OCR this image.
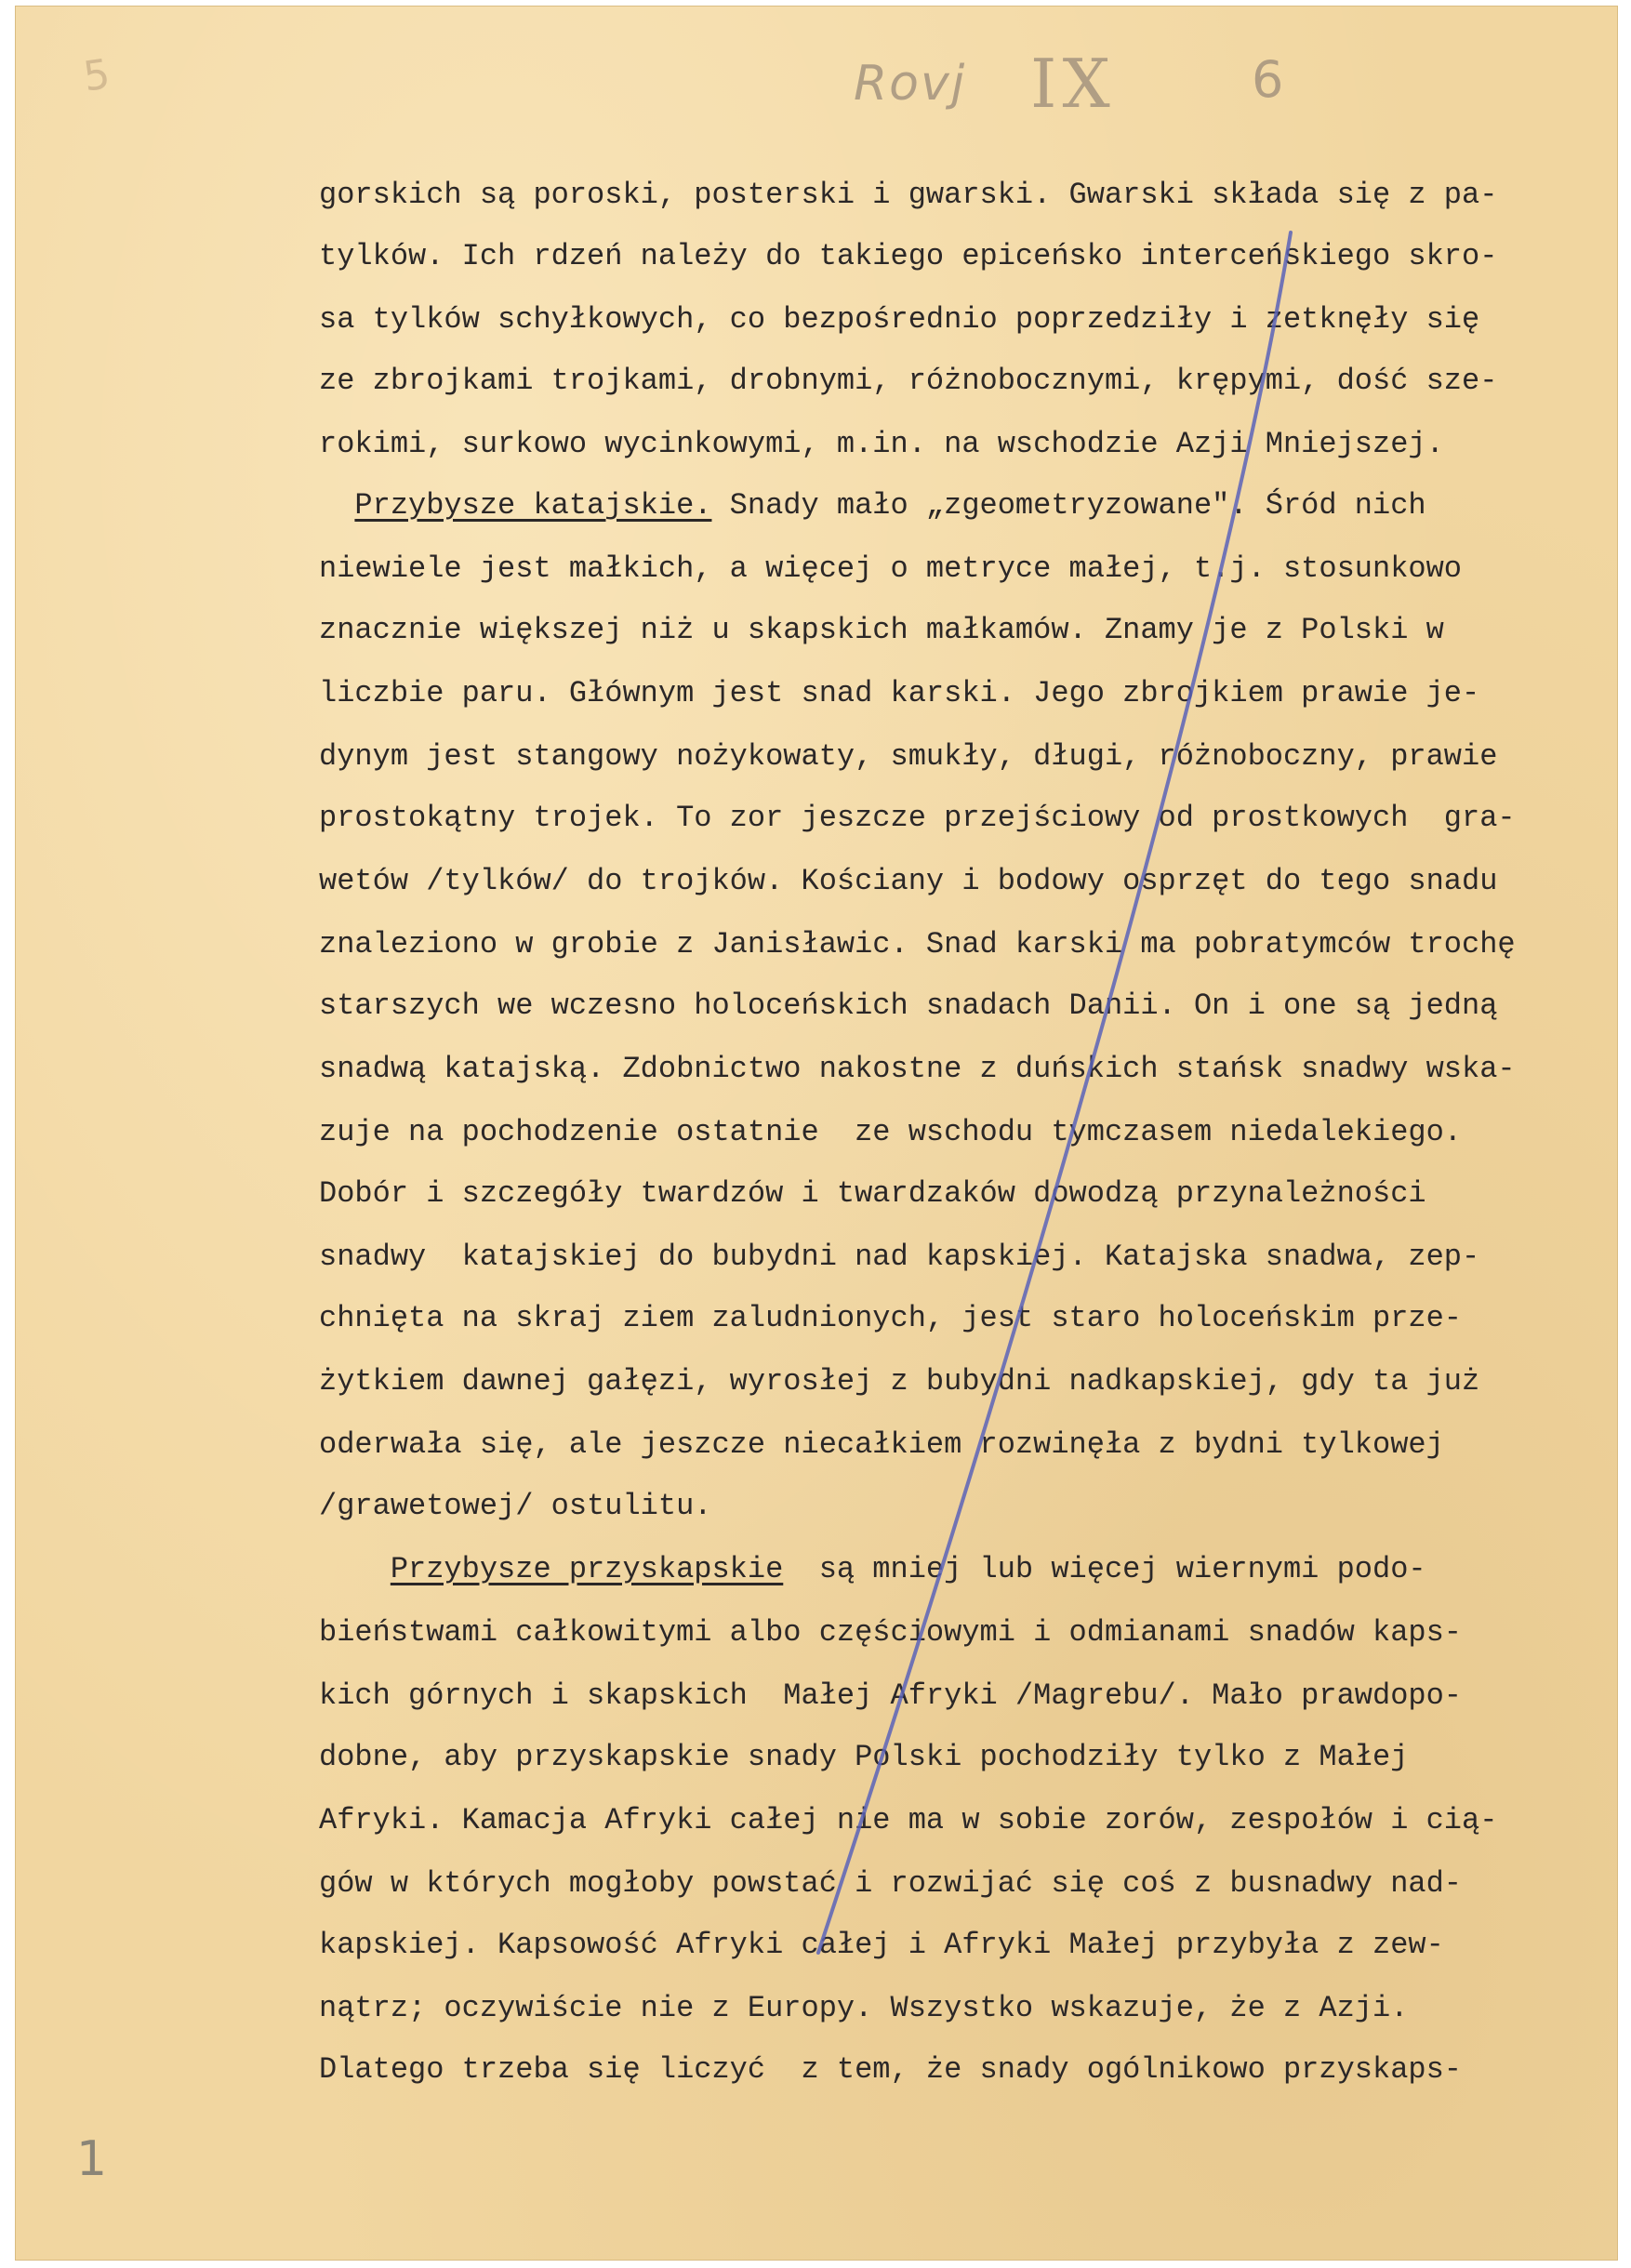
5	Rovj IX	6
gorskich są poroski, posterski i gwarski. Gwarski składa się z pa-
tylków. Ich rdzeń należy do takiego epiceńsko interceńskiego skro-
sa tylków schyłkowych, co bezpośrednio poprzedziły i zetknęły się
ze zbrojkami trojkami, drobnymi, różnobocznymi, krępymi, dość sze-
rokimi, surkowo wycinkowymi, m.in. na wschodzie Azji Mniejszej.
Przybysze katajskie. Snady mało „zgeometryzowane". Śród nich
niewiele jest małkich, a więcej o metryce małej, t.j. stosunkowo
znacznie większej niż u skapskich małkamów. Znamy je z Polski w
liczbie paru. Głównym jest snad karski. Jego zbrojkiem prawie je-
dynym jest stangowy nożykowaty, smukły, długi, różnoboczny, prawie
prostokątny trojek. To zor jeszcze przejściowy od prostkowych  gra-
wetów /tylków/ do trojków. Kościany i bodowy osprzęt do tego snadu
znaleziono w grobie z Janisławic. Snad karski ma pobratymców trochę
starszych we wczesno holoceńskich snadach Danii. On i one są jedną
snadwą katajską. Zdobnictwo nakostne z duńskich stańsk snadwy wska-
zuje na pochodzenie ostatnie  ze wschodu tymczasem niedalekiego.
Dobór i szczegóły twardzów i twardzaków dowodzą przynależności
snadwy  katajskiej do bubydni nad kapskiej. Katajska snadwa, zep-
chnięta na skraj ziem zaludnionych, jest staro holoceńskim prze-
żytkiem dawnej gałęzi, wyrosłej z bubydni nadkapskiej, gdy ta już
oderwała się, ale jeszcze niecałkiem rozwinęła z bydni tylkowej
/grawetowej/ ostulitu.
Przybysze przyskapskie  są mniej lub więcej wiernymi podo-
bieństwami całkowitymi albo częściowymi i odmianami snadów kaps-
kich górnych i skapskich  Małej Afryki /Magrebu/. Mało prawdopo-
dobne, aby przyskapskie snady Polski pochodziły tylko z Małej
Afryki. Kamacja Afryki całej nie ma w sobie zorów, zespołów i cią-
gów w których mogłoby powstać i rozwijać się coś z busnadwy nad-
kapskiej. Kapsowość Afryki całej i Afryki Małej przybyła z zew-
nątrz; oczywiście nie z Europy. Wszystko wskazuje, że z Azji.
Dlatego trzeba się liczyć  z tem, że snady ogólnikowo przyskaps-
1
